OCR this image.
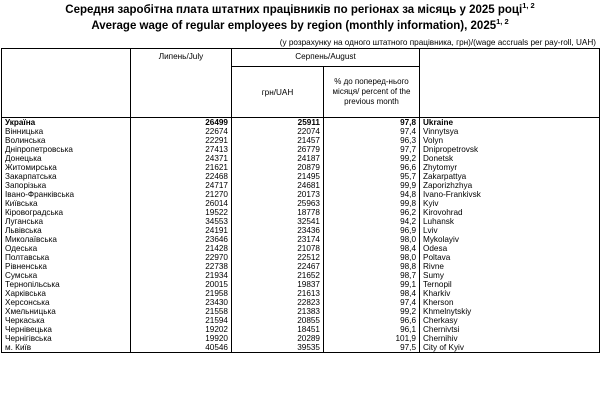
Середня заробітна плата штатних працівників по регіонах за місяць у 2025 році$^{1, 2}$
Average wage of regular employees by region (monthly information), 2025$^{1, 2}$
(у розрахунку на одного штатного працівника, грн)/(wage accruals per pay-roll, UAH)
	Липень/July	Серпень/August		
		грн/UAH	% до поперед-нього місяця/ percent of the previous month	
Україна	26499	25911	97,8	Ukraine
Вінницька	22674	22074	97,4	Vinnytsya
Волинська	22291	21457	96,3	Volyn
Дніпропетровська	27413	26779	97,7	Dnipropetrovsk
Донецька	24371	24187	99,2	Donetsk
Житомирська	21621	20879	96,6	Zhytomyr
Закарпатська	22468	21495	95,7	Zakarpattya
Запорізька	24717	24681	99,9	Zaporizhzhya
Івано-Франківська	21270	20173	94,8	Ivano-Frankivsk
Київська	26014	25963	99,8	Kyiv
Кіровоградська	19522	18778	96,2	Kirovohrad
Луганська	34553	32541	94,2	Luhansk
Львівська	24191	23436	96,9	Lviv
Миколаївська	23646	23174	98,0	Mykolayiv
Одеська	21428	21078	98,4	Odesa
Полтавська	22970	22512	98,0	Poltava
Рівненська	22738	22467	98,8	Rivne
Сумська	21934	21652	98,7	Sumy
Тернопільська	20015	19837	99,1	Ternopil
Харківська	21958	21613	98,4	Kharkiv
Херсонська	23430	22823	97,4	Kherson
Хмельницька	21558	21383	99,2	Khmelnytskiy
Черкаська	21594	20855	96,6	Cherkasy
Чернівецька	19202	18451	96,1	Chernivtsi
Чернігівська	19920	20289	101,9	Chernihiv
м. Київ	40546	39535	97,5	City of Kyiv
